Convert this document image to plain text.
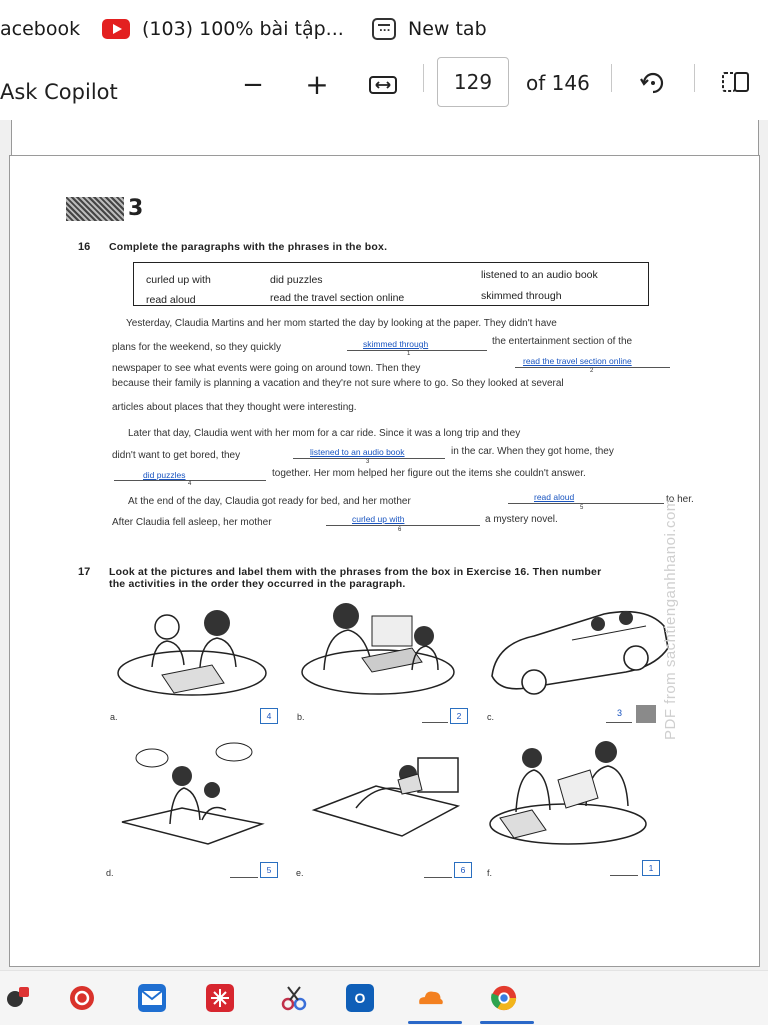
acebook	(103) 100% bài tập...
...	New tab
Ask Copilot	− +	129 of 146
3
16 Complete the paragraphs with the phrases in the box.
curled up with	did puzzles	listened to an audio book
read aloud	read the travel section online	skimmed through
Yesterday, Claudia Martins and her mom started the day by looking at the paper. They didn't have
plans for the weekend, so they quickly	skimmed through
1
the entertainment section of the
newspaper to see what events were going on around town. Then they
read the travel section online
2
because their family is planning a vacation and they're not sure where to go. So they looked at several
articles about places that they thought were interesting.
Later that day, Claudia went with her mom for a car ride. Since it was a long trip and they
didn't want to get bored, they	listened to an audio book
3
in the car. When they got home, they
did puzzles
4
together. Her mom helped her figure out the items she couldn't answer.
At the end of the day, Claudia got ready for bed, and her mother	read aloud
5
to her.
After Claudia fell asleep, her mother	curled up with
6
a mystery novel.
17 Look at the pictures and label them with the phrases from the box in Exercise 16. Then number
the activities in the order they occurred in the paragraph.
a.	4	b.	2	c.	3
d.	5	e.	6	f.	1
PDF from sachtienganhhanoi.com
O
